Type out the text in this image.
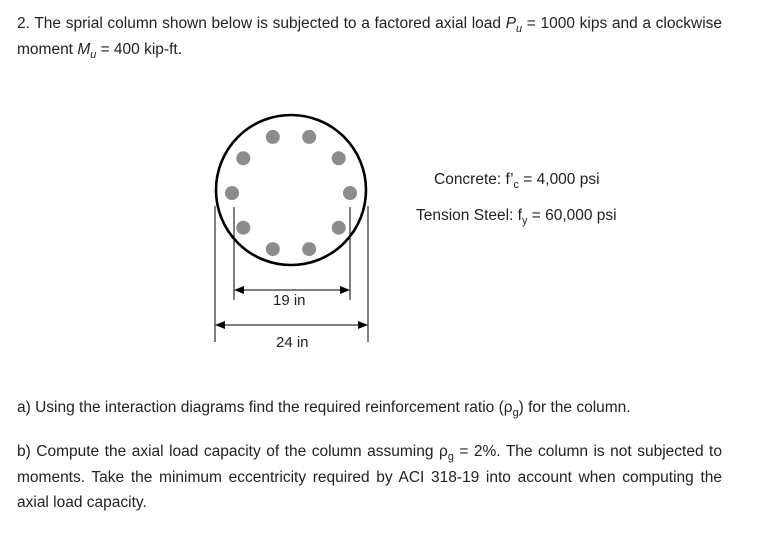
2. The sprial column shown below is subjected to a factored axial load $P_u = 1000$ kips and a clockwise moment $M_u = 400$ kip-ft.

19 in
24 in
Concrete: $f’_c = 4,000$ psi
Tension Steel: $f_y = 60,000$ psi

a) Using the interaction diagrams find the required reinforcement ratio $(\rho_g)$ for the column.

b) Compute the axial load capacity of the column assuming $\rho_g = 2\%$. The column is not subjected to moments. Take the minimum eccentricity required by ACI 318-19 into account when computing the axial load capacity.
